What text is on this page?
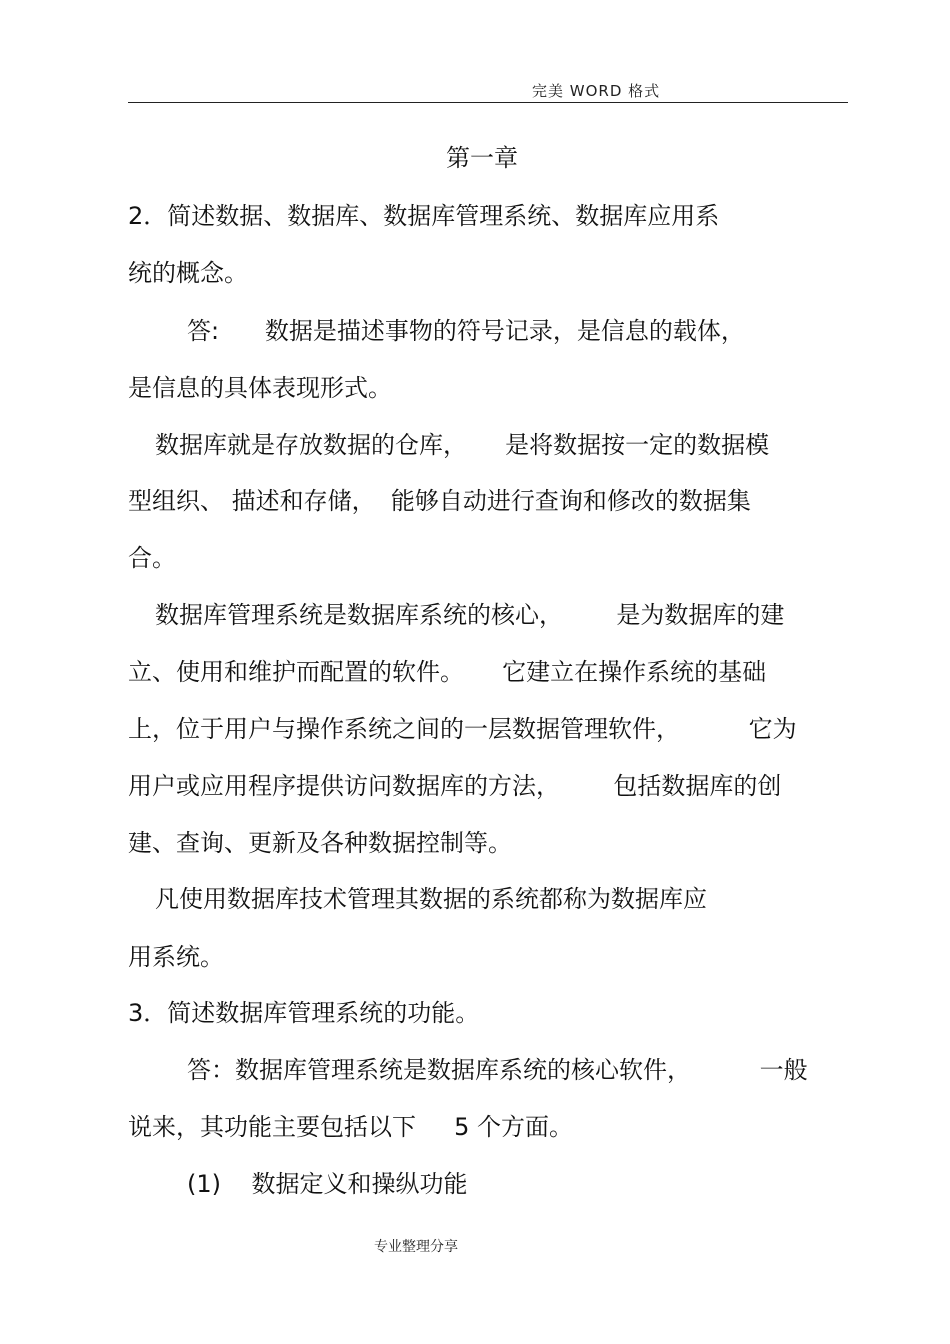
完美 WORD 格式
第一章
2．简述数据、数据库、数据库管理系统、数据库应用系
统的概念。
答:      数据是描述事物的符号记录，是信息的载体，
是信息的具体表现形式。
数据库就是存放数据的仓库，     是将数据按一定的数据模
型组织、 描述和存储，  能够自动进行查询和修改的数据集
合。
数据库管理系统是数据库系统的核心，       是为数据库的建
立、使用和维护而配置的软件。     它建立在操作系统的基础
上，位于用户与操作系统之间的一层数据管理软件，         它为
用户或应用程序提供访问数据库的方法，       包括数据库的创
建、查询、更新及各种数据控制等。
凡使用数据库技术管理其数据的系统都称为数据库应
用系统。
3．简述数据库管理系统的功能。
答：数据库管理系统是数据库系统的核心软件，         一般
说来，其功能主要包括以下     5 个方面。
(1)    数据定义和操纵功能
专业整理分享
